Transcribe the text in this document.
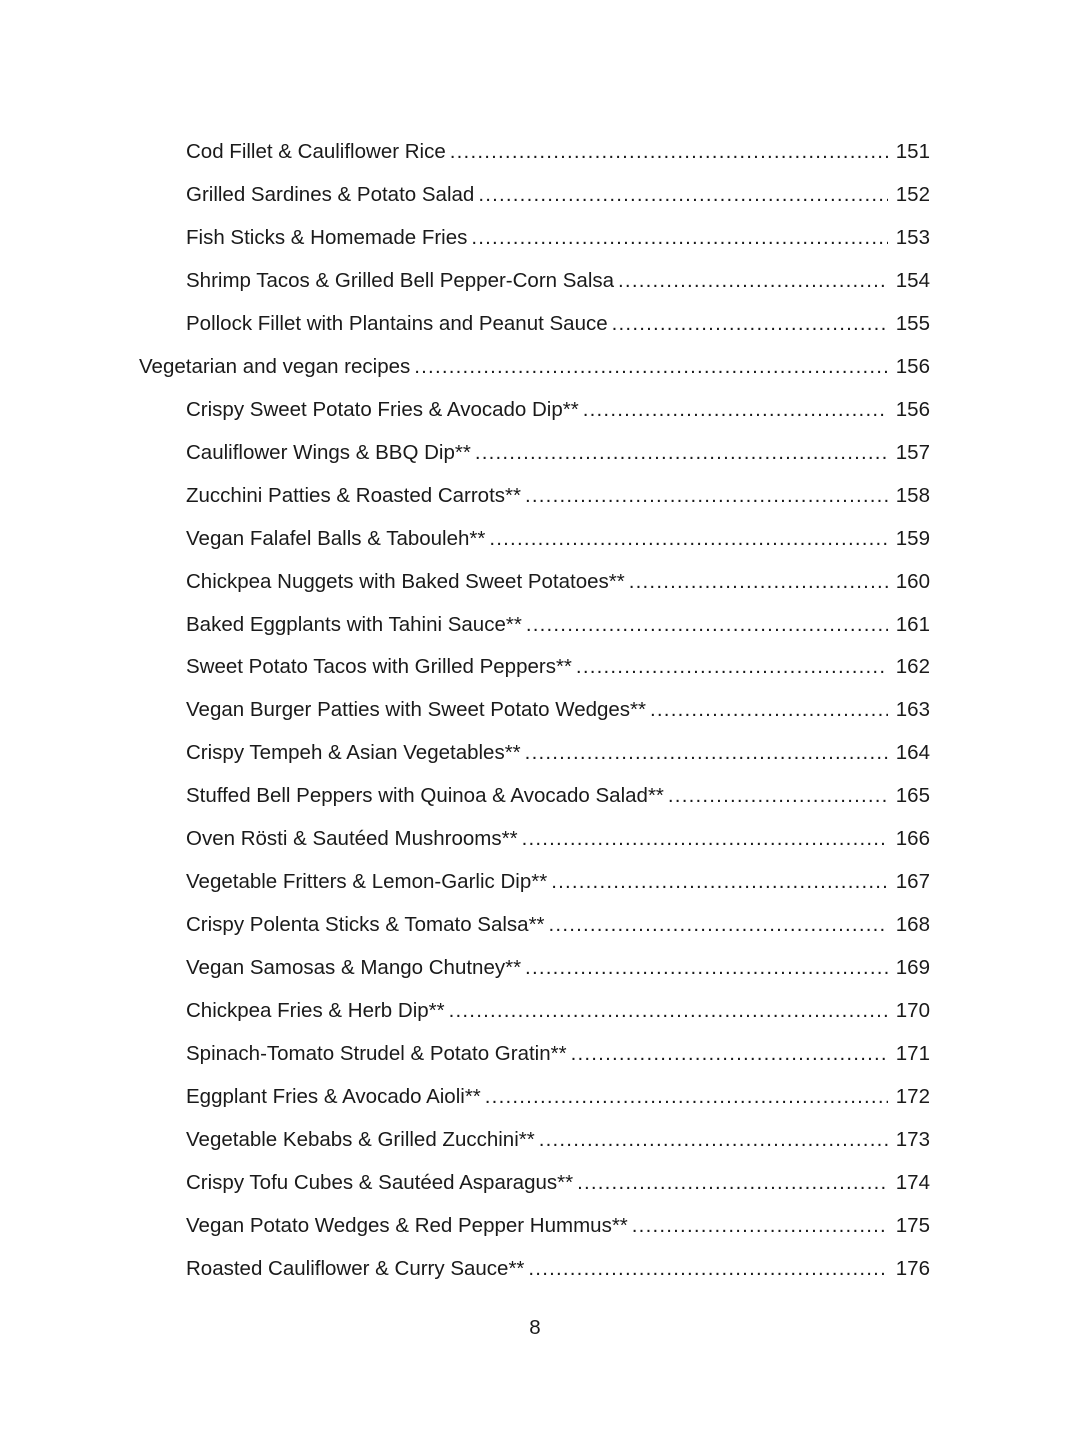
Cod Fillet & Cauliflower Rice .....	151
Grilled Sardines & Potato Salad .....	152
Fish Sticks & Homemade Fries .....	153
Shrimp Tacos & Grilled Bell Pepper-Corn Salsa .....	154
Pollock Fillet with Plantains and Peanut Sauce .....	155
Vegetarian and vegan recipes .....	156
Crispy Sweet Potato Fries & Avocado Dip** .....	156
Cauliflower Wings & BBQ Dip** .....	157
Zucchini Patties & Roasted Carrots** .....	158
Vegan Falafel Balls & Tabouleh** .....	159
Chickpea Nuggets with Baked Sweet Potatoes** .....	160
Baked Eggplants with Tahini Sauce** .....	161
Sweet Potato Tacos with Grilled Peppers** .....	162
Vegan Burger Patties with Sweet Potato Wedges** .....	163
Crispy Tempeh & Asian Vegetables** .....	164
Stuffed Bell Peppers with Quinoa & Avocado Salad** .....	165
Oven Rösti & Sautéed Mushrooms** .....	166
Vegetable Fritters & Lemon-Garlic Dip** .....	167
Crispy Polenta Sticks & Tomato Salsa** .....	168
Vegan Samosas & Mango Chutney** .....	169
Chickpea Fries & Herb Dip** .....	170
Spinach-Tomato Strudel & Potato Gratin** .....	171
Eggplant Fries & Avocado Aioli** .....	172
Vegetable Kebabs & Grilled Zucchini** .....	173
Crispy Tofu Cubes & Sautéed Asparagus** .....	174
Vegan Potato Wedges & Red Pepper Hummus** .....	175
Roasted Cauliflower & Curry Sauce** .....	176
8
